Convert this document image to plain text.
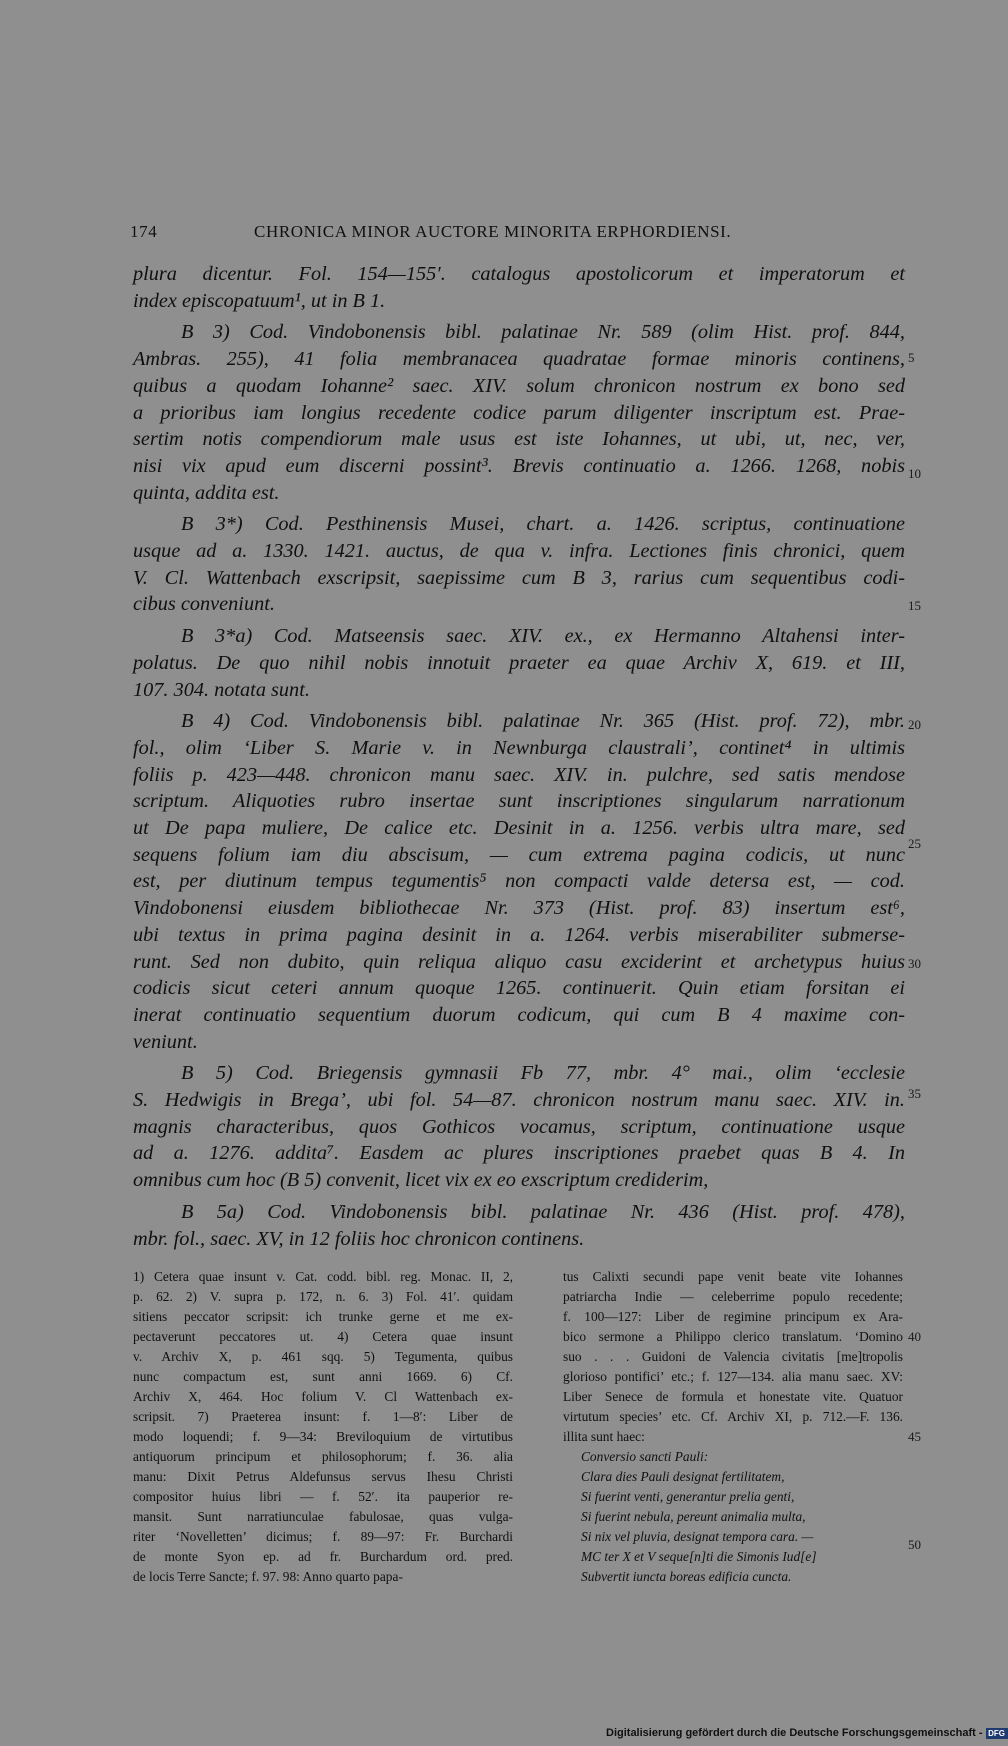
174	CHRONICA MINOR AUCTORE MINORITA ERPHORDIENSI.
plura dicentur. Fol. 154—155′. catalogus apostolicorum et imperatorum et
index episcopatuum¹, ut in B 1.
B 3) Cod. Vindobonensis bibl. palatinae Nr. 589 (olim Hist. prof. 844,
Ambras. 255), 41 folia membranacea quadratae formae minoris continens,
quibus a quodam Iohanne² saec. XIV. solum chronicon nostrum ex bono sed
a prioribus iam longius recedente codice parum diligenter inscriptum est. Prae-
sertim notis compendiorum male usus est iste Iohannes, ut ubi, ut, nec, ver,
nisi vix apud eum discerni possint³. Brevis continuatio a. 1266. 1268, nobis
quinta, addita est.
B 3*) Cod. Pesthinensis Musei, chart. a. 1426. scriptus, continuatione
usque ad a. 1330. 1421. auctus, de qua v. infra. Lectiones finis chronici, quem
V. Cl. Wattenbach exscripsit, saepissime cum B 3, rarius cum sequentibus codi-
cibus conveniunt.
B 3*a) Cod. Matseensis saec. XIV. ex., ex Hermanno Altahensi inter-
polatus. De quo nihil nobis innotuit praeter ea quae Archiv X, 619. et III,
107. 304. notata sunt.
B 4) Cod. Vindobonensis bibl. palatinae Nr. 365 (Hist. prof. 72), mbr.
fol., olim ‘Liber S. Marie v. in Newnburga claustrali’, continet⁴ in ultimis
foliis p. 423—448. chronicon manu saec. XIV. in. pulchre, sed satis mendose
scriptum. Aliquoties rubro insertae sunt inscriptiones singularum narrationum
ut De papa muliere, De calice etc. Desinit in a. 1256. verbis ultra mare, sed
sequens folium iam diu abscisum, — cum extrema pagina codicis, ut nunc
est, per diutinum tempus tegumentis⁵ non compacti valde detersa est, — cod.
Vindobonensi eiusdem bibliothecae Nr. 373 (Hist. prof. 83) insertum est⁶,
ubi textus in prima pagina desinit in a. 1264. verbis miserabiliter submerse-
runt. Sed non dubito, quin reliqua aliquo casu exciderint et archetypus huius
codicis sicut ceteri annum quoque 1265. continuerit. Quin etiam forsitan ei
inerat continuatio sequentium duorum codicum, qui cum B 4 maxime con-
veniunt.
B 5) Cod. Briegensis gymnasii Fb 77, mbr. 4° mai., olim ‘ecclesie
S. Hedwigis in Brega’, ubi fol. 54—87. chronicon nostrum manu saec. XIV. in.
magnis characteribus, quos Gothicos vocamus, scriptum, continuatione usque
ad a. 1276. addita⁷. Easdem ac plures inscriptiones praebet quas B 4. In
omnibus cum hoc (B 5) convenit, licet vix ex eo exscriptum crediderim,
B 5a) Cod. Vindobonensis bibl. palatinae Nr. 436 (Hist. prof. 478),
mbr. fol., saec. XV, in 12 foliis hoc chronicon continens.
5
10
15
20
25
30
35
1) Cetera quae insunt v. Cat. codd. bibl. reg. Monac. II, 2,
p. 62. 2) V. supra p. 172, n. 6. 3) Fol. 41′. quidam
sitiens peccator scripsit: ich trunke gerne et me ex-
pectaverunt peccatores ut. 4) Cetera quae insunt
v. Archiv X, p. 461 sqq. 5) Tegumenta, quibus
nunc compactum est, sunt anni 1669. 6) Cf.
Archiv X, 464. Hoc folium V. Cl Wattenbach ex-
scripsit. 7) Praeterea insunt: f. 1—8′: Liber de
modo loquendi; f. 9—34: Breviloquium de virtutibus
antiquorum principum et philosophorum; f. 36. alia
manu: Dixit Petrus Aldefunsus servus Ihesu Christi
compositor huius libri — f. 52′. ita pauperior re-
mansit. Sunt narratiunculae fabulosae, quas vulga-
riter ‘Novelletten’ dicimus; f. 89—97: Fr. Burchardi
de monte Syon ep. ad fr. Burchardum ord. pred.
de locis Terre Sancte; f. 97. 98: Anno quarto papa-
tus Calixti secundi pape venit beate vite Iohannes
patriarcha Indie — celeberrime populo recedente;
f. 100—127: Liber de regimine principum ex Ara-
bico sermone a Philippo clerico translatum. ‘Domino
suo . . . Guidoni de Valencia civitatis [me]tropolis
glorioso pontifici’ etc.; f. 127—134. alia manu saec. XV:
Liber Senece de formula et honestate vite. Quatuor
virtutum species’ etc. Cf. Archiv XI, p. 712.—F. 136.
illita sunt haec:
Conversio sancti Pauli:
Clara dies Pauli designat fertilitatem,
Si fuerint venti, generantur prelia genti,
Si fuerint nebula, pereunt animalia multa,
Si nix vel pluvia, designat tempora cara. —
MC ter X et V seque[n]ti die Simonis Iud[e]
Subvertit iuncta boreas edificia cuncta.
40
45
50
Digitalisierung gefördert durch die Deutsche Forschungsgemeinschaft - DFG
